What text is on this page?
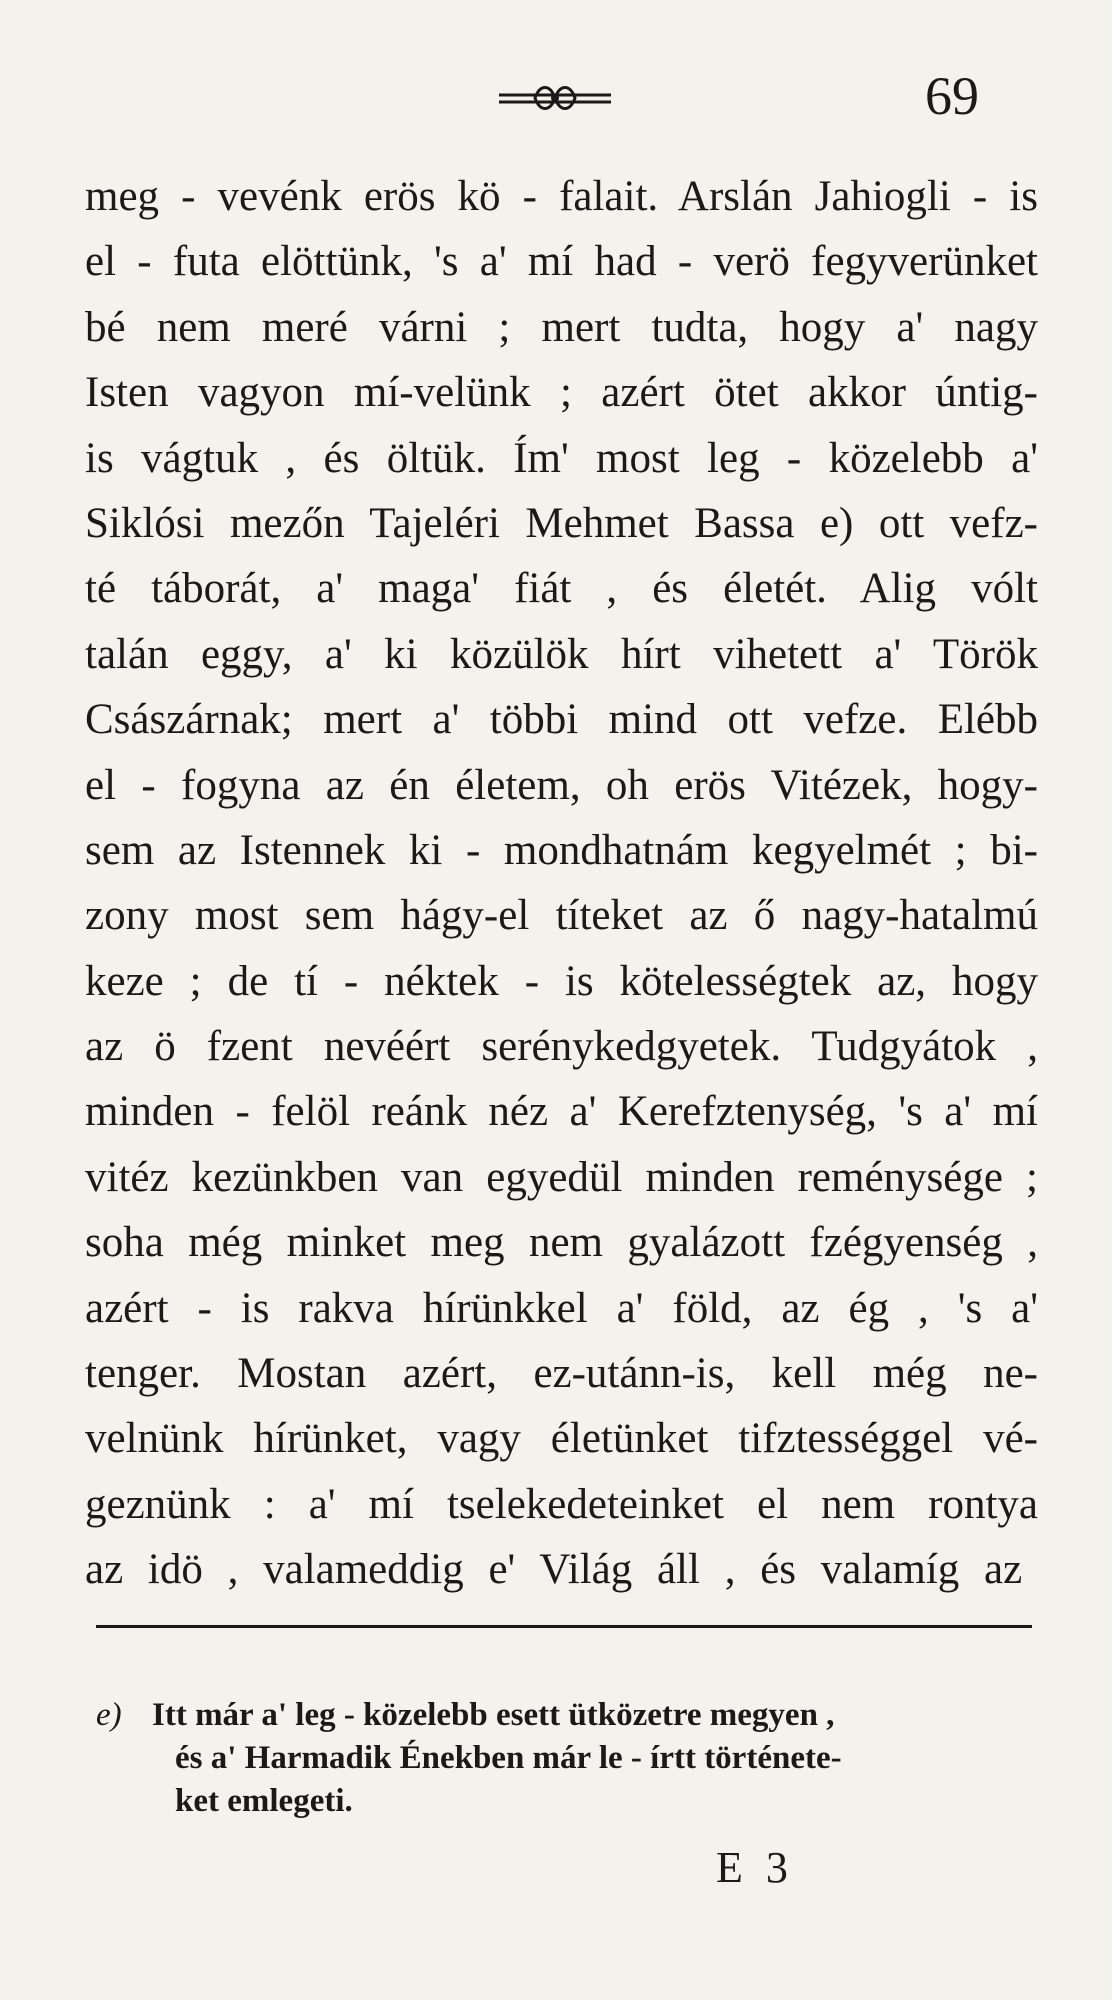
69

meg - vevénk erös kö - falait. Arslán Jahiogli - is
el - futa elöttünk, 's a' mí had - verö fegyverünket
bé nem meré várni ; mert tudta, hogy a' nagy
Isten vagyon mí-velünk ; azért ötet akkor úntig-
is vágtuk , és öltük. Ím' most leg - közelebb a'
Siklósi mezőn Tajeléri Mehmet Bassa e) ott vefz-
té táborát, a' maga' fiát , és életét. Alig vólt
talán eggy, a' ki közülök hírt vihetett a' Török
Császárnak; mert a' többi mind ott vefze. Elébb
el - fogyna az én életem, oh erös Vitézek, hogy-
sem az Istennek ki - mondhatnám kegyelmét ; bi-
zony most sem hágy-el títeket az ő nagy-hatalmú
keze ; de tí - néktek - is kötelességtek az, hogy
az ö fzent nevéért serénykedgyetek. Tudgyátok ,
minden - felöl reánk néz a' Kerefztenység, 's a' mí
vitéz kezünkben van egyedül minden reménysége ;
soha még minket meg nem gyalázott fzégyenség ,
azért - is rakva hírünkkel a' föld, az ég , 's a'
tenger. Mostan azért, ez-utánn-is, kell még ne-
velnünk hírünket, vagy életünket tifztességgel vé-
geznünk : a' mí tselekedeteinket el nem rontya
az idö , valameddig e' Világ áll , és valamíg az
e) Itt már a' leg - közelebb esett ütközetre megyen ,
és a' Harmadik Énekben már le - írtt története-
ket emlegeti.

E 3
